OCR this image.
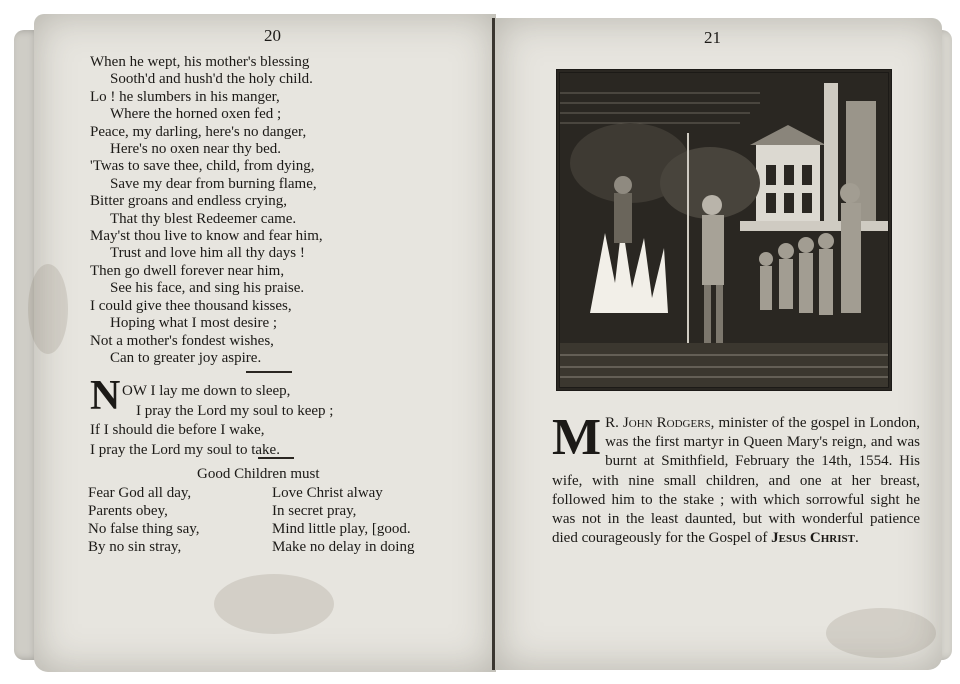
20	21
When he wept, his mother's blessing
Sooth'd and hush'd the holy child.
Lo ! he slumbers in his manger,
Where the horned oxen fed ;
Peace, my darling, here's no danger,
Here's no oxen near thy bed.
'Twas to save thee, child, from dying,
Save my dear from burning flame,
Bitter groans and endless crying,
That thy blest Redeemer came.
May'st thou live to know and fear him,
Trust and love him all thy days !
Then go dwell forever near him,
See his face, and sing his praise.
I could give thee thousand kisses,
Hoping what I most desire ;
Not a mother's fondest wishes,
Can to greater joy aspire.
N OW I lay me down to sleep,
I pray the Lord my soul to keep ;
If I should die before I wake,
I pray the Lord my soul to take.
Good Children must
Fear God all day,	Love Christ alway
Parents obey,	In secret pray,
No false thing say,	Mind little play, [good.
By no sin stray,	Make no delay in doing
M R. John Rodgers, minister of the gospel in London, was the first martyr in Queen Mary's reign, and was burnt at Smithfield, February the 14th, 1554. His wife, with nine small children, and one at her breast, followed him to the stake ; with which sorrowful sight he was not in the least daunted, but with wonderful patience died courageously for the Gospel of Jesus Christ.
